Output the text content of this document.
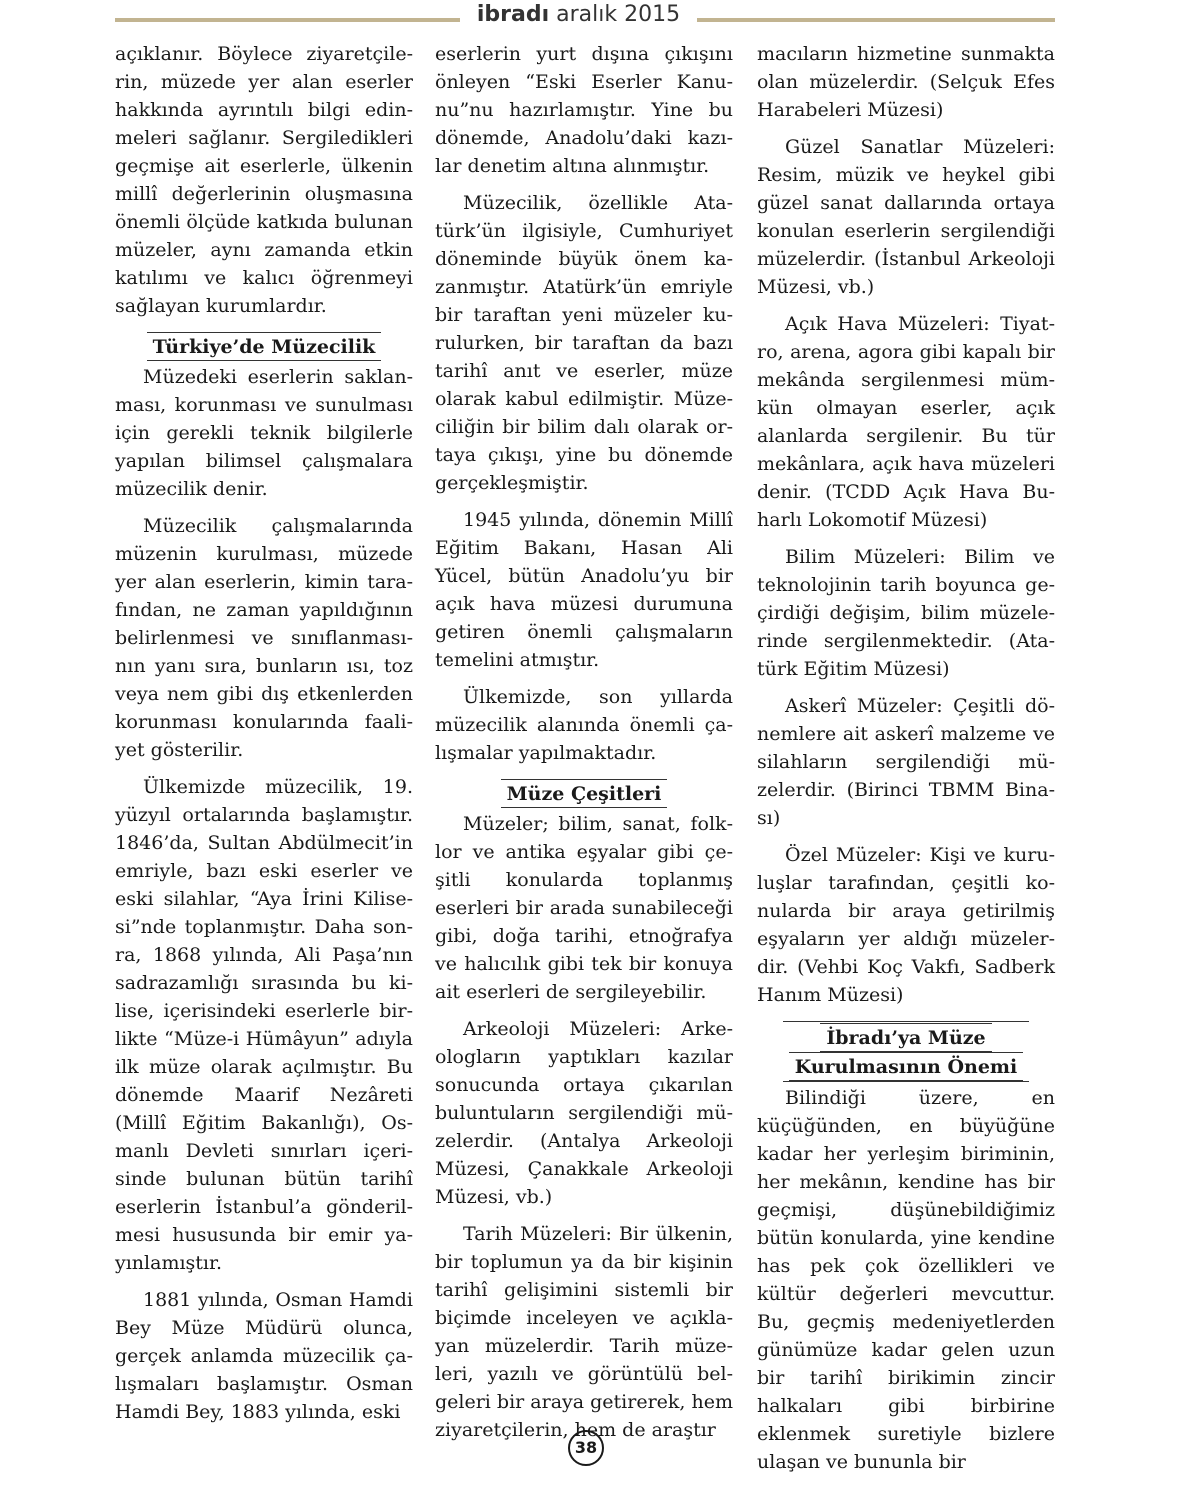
ibradı aralık 2015

açıklanır. Böylece ziyaretçilerin, müzede yer alan eserler hakkında ayrıntılı bilgi edinmeleri sağlanır. Sergiledikleri geçmişe ait eserlerle, ülkenin millî değerlerinin oluşmasına önemli ölçüde katkıda bulunan müzeler, aynı zamanda etkin katılımı ve kalıcı öğrenmeyi sağlayan kurumlardır.

Türkiye’de Müzecilik

Müzedeki eserlerin saklanması, korunması ve sunulması için gerekli teknik bilgilerle yapılan bilimsel çalışmalara müzecilik denir.

Müzecilik çalışmalarında müzenin kurulması, müzede yer alan eserlerin, kimin tarafından, ne zaman yapıldığının belirlenmesi ve sınıflanmasının yanı sıra, bunların ısı, toz veya nem gibi dış etkenlerden korunması konularında faaliyet gösterilir.

Ülkemizde müzecilik, 19. yüzyıl ortalarında başlamıştır. 1846’da, Sultan Abdülmecit’in emriyle, bazı eski eserler ve eski silahlar, “Aya İrini Kilisesi”nde toplanmıştır. Daha sonra, 1868 yılında, Ali Paşa’nın sadrazamlığı sırasında bu kilise, içerisindeki eserlerle birlikte “Müze-i Hümâyun” adıyla ilk müze olarak açılmıştır. Bu dönemde Maarif Nezâreti (Millî Eğitim Bakanlığı), Osmanlı Devleti sınırları içerisinde bulunan bütün tarihî eserlerin İstanbul’a gönderilmesi hususunda bir emir yayınlamıştır.

1881 yılında, Osman Hamdi Bey Müze Müdürü olunca, gerçek anlamda müzecilik çalışmaları başlamıştır. Osman Hamdi Bey, 1883 yılında, eski

eserlerin yurt dışına çıkışını önleyen “Eski Eserler Kanunu”nu hazırlamıştır. Yine bu dönemde, Anadolu’daki kazılar denetim altına alınmıştır.

Müzecilik, özellikle Atatürk’ün ilgisiyle, Cumhuriyet döneminde büyük önem kazanmıştır. Atatürk’ün emriyle bir taraftan yeni müzeler kurulurken, bir taraftan da bazı tarihî anıt ve eserler, müze olarak kabul edilmiştir. Müzeciliğin bir bilim dalı olarak ortaya çıkışı, yine bu dönemde gerçekleşmiştir.

1945 yılında, dönemin Millî Eğitim Bakanı, Hasan Ali Yücel, bütün Anadolu’yu bir açık hava müzesi durumuna getiren önemli çalışmaların temelini atmıştır.

Ülkemizde, son yıllarda müzecilik alanında önemli çalışmalar yapılmaktadır.

Müze Çeşitleri

Müzeler; bilim, sanat, folklor ve antika eşyalar gibi çeşitli konularda toplanmış eserleri bir arada sunabileceği gibi, doğa tarihi, etnoğrafya ve halıcılık gibi tek bir konuya ait eserleri de sergileyebilir.

Arkeoloji Müzeleri: Arkeologların yaptıkları kazılar sonucunda ortaya çıkarılan buluntuların sergilendiği müzelerdir. (Antalya Arkeoloji Müzesi, Çanakkale Arkeoloji Müzesi, vb.)

Tarih Müzeleri: Bir ülkenin, bir toplumun ya da bir kişinin tarihî gelişimini sistemli bir biçimde inceleyen ve açıklayan müzelerdir. Tarih müzeleri, yazılı ve görüntülü belgeleri bir araya getirerek, hem ziyaretçilerin, hem de araştır

macıların hizmetine sunmakta olan müzelerdir. (Selçuk Efes Harabeleri Müzesi)

Güzel Sanatlar Müzeleri: Resim, müzik ve heykel gibi güzel sanat dallarında ortaya konulan eserlerin sergilendiği müzelerdir. (İstanbul Arkeoloji Müzesi, vb.)

Açık Hava Müzeleri: Tiyatro, arena, agora gibi kapalı bir mekânda sergilenmesi mümkün olmayan eserler, açık alanlarda sergilenir. Bu tür mekânlara, açık hava müzeleri denir. (TCDD Açık Hava Buharlı Lokomotif Müzesi)

Bilim Müzeleri: Bilim ve teknolojinin tarih boyunca geçirdiği değişim, bilim müzelerinde sergilenmektedir. (Atatürk Eğitim Müzesi)

Askerî Müzeler: Çeşitli dönemlere ait askerî malzeme ve silahların sergilendiği müzelerdir. (Birinci TBMM Binası)

Özel Müzeler: Kişi ve kuruluşlar tarafından, çeşitli konularda bir araya getirilmiş eşyaların yer aldığı müzelerdir. (Vehbi Koç Vakfı, Sadberk Hanım Müzesi)

İbradı’ya Müze
Kurulmasının Önemi

Bilindiği üzere, en küçüğünden, en büyüğüne kadar her yerleşim biriminin, her mekânın, kendine has bir geçmişi, düşünebildiğimiz bütün konularda, yine kendine has pek çok özellikleri ve kültür değerleri mevcuttur. Bu, geçmiş medeniyetlerden günümüze kadar gelen uzun bir tarihî birikimin zincir halkaları gibi birbirine eklenmek suretiyle bizlere ulaşan ve bununla bir

38
